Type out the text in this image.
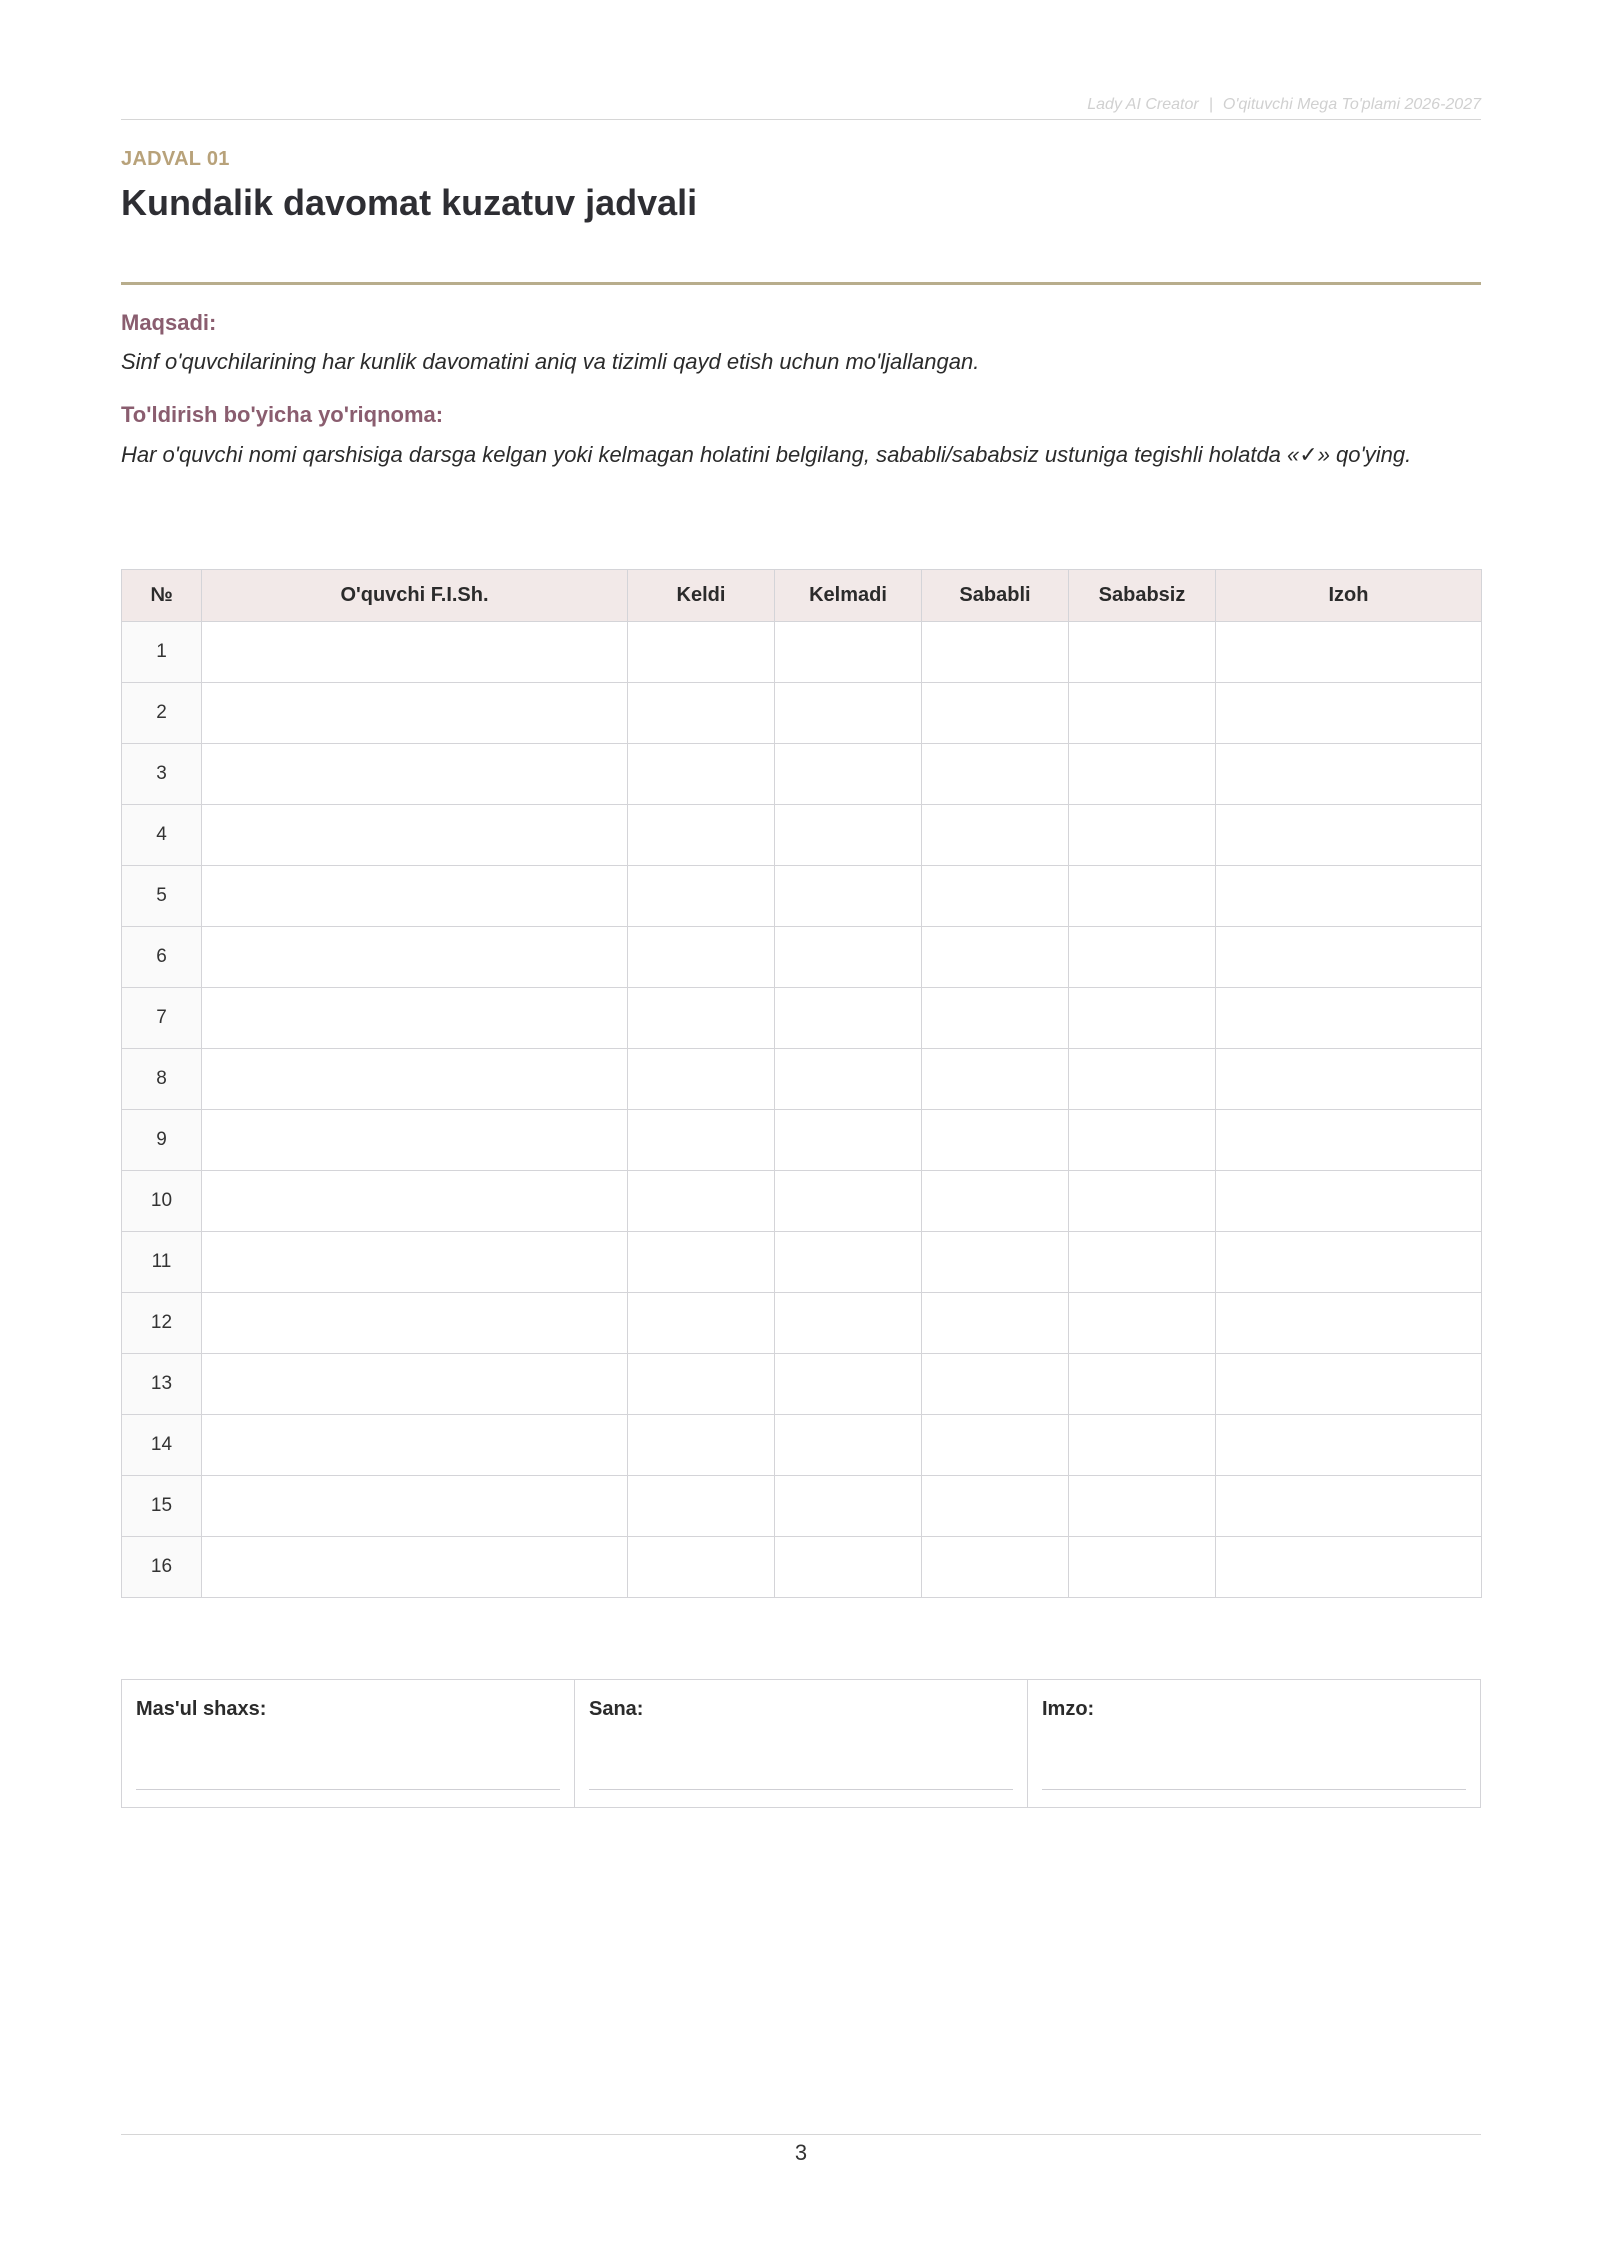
Lady AI Creator | O'qituvchi Mega To'plami 2026-2027
JADVAL 01
Kundalik davomat kuzatuv jadvali
Maqsadi:
Sinf o'quvchilarining har kunlik davomatini aniq va tizimli qayd etish uchun mo'ljallangan.
To'ldirish bo'yicha yo'riqnoma:
Har o'quvchi nomi qarshisiga darsga kelgan yoki kelmagan holatini belgilang, sababli/sababsiz ustuniga tegishli holatda «✓» qo'ying.
№	O'quvchi F.I.Sh.	Keldi	Kelmadi	Sababli	Sababsiz	Izoh
1						
2						
3						
4						
5						
6						
7						
8						
9						
10						
11						
12						
13						
14						
15						
16						
Mas'ul shaxs:	Sana:	Imzo:
3
